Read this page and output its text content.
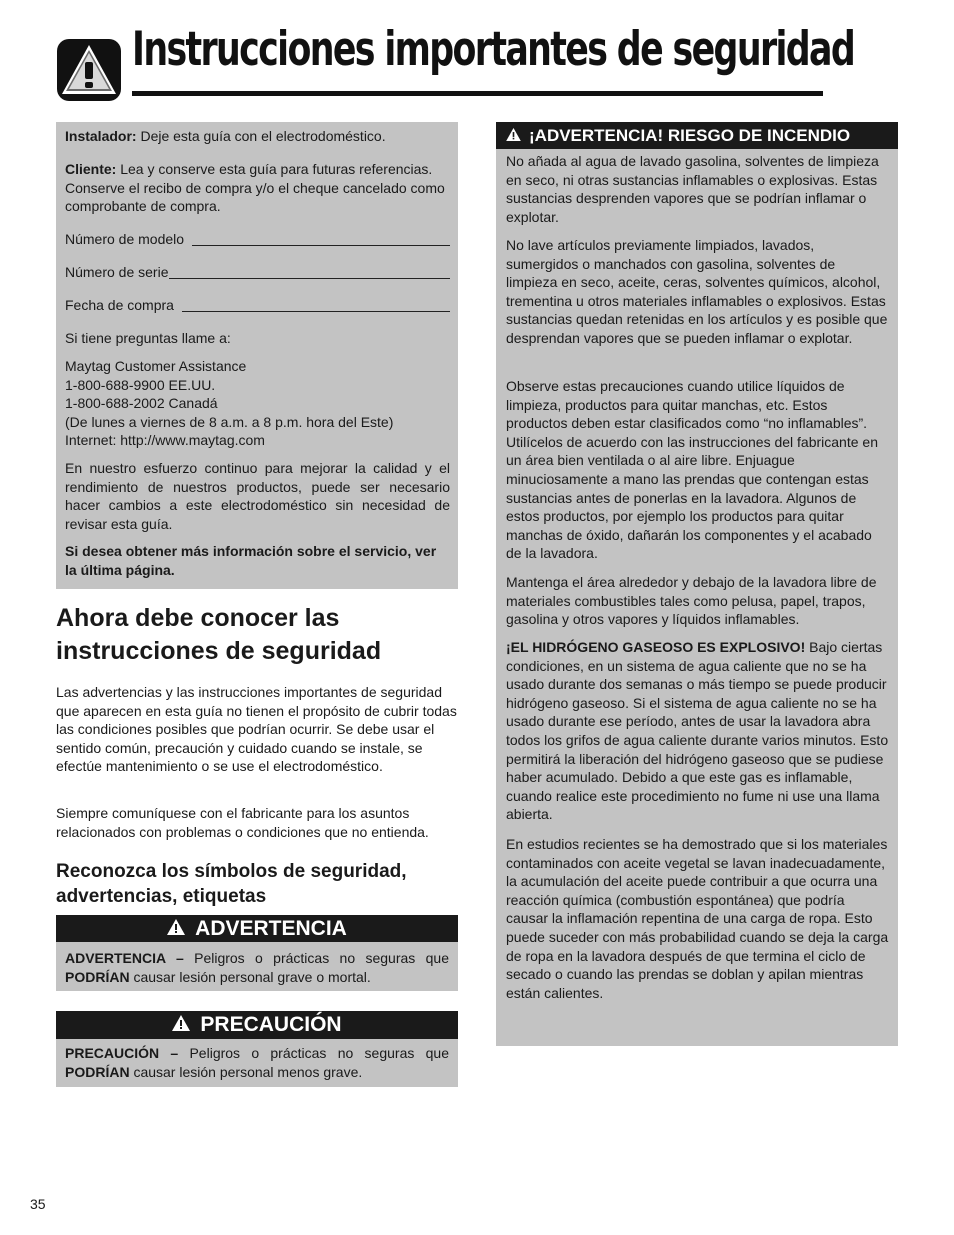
Instrucciones importantes de seguridad
Instalador: Deje esta guía con el electrodoméstico.
Cliente: Lea y conserve esta guía para futuras referencias. Conserve el recibo de compra y/o el cheque cancelado como comprobante de compra.
Número de modelo
Número de serie
Fecha de compra
Si tiene preguntas llame a:
Maytag Customer Assistance
1-800-688-9900 EE.UU.
1-800-688-2002 Canadá
(De lunes a viernes de 8 a.m. a 8 p.m. hora del Este)
Internet: http://www.maytag.com
En nuestro esfuerzo continuo para mejorar la calidad y el rendimiento de nuestros productos, puede ser necesario hacer cambios a este electrodoméstico sin necesidad de revisar esta guía.
Si desea obtener más información sobre el servicio, ver la última página.
Ahora debe conocer las instrucciones de seguridad
Las advertencias y las instrucciones importantes de seguridad que aparecen en esta guía no tienen el propósito de cubrir todas las condiciones posibles que podrían ocurrir. Se debe usar el sentido común, precaución y cuidado cuando se instale, se efectúe mantenimiento o se use el electrodoméstico.
Siempre comuníquese con el fabricante para los asuntos relacionados con problemas o condiciones que no entienda.
Reconozca los símbolos de seguridad, advertencias, etiquetas
ADVERTENCIA
ADVERTENCIA – Peligros o prácticas no seguras que PODRÍAN causar lesión personal grave o mortal.
PRECAUCIÓN
PRECAUCIÓN – Peligros o prácticas no seguras que PODRÍAN causar lesión personal menos grave.
¡ADVERTENCIA! RIESGO DE INCENDIO
No añada al agua de lavado gasolina, solventes de limpieza en seco, ni otras sustancias inflamables o explosivas. Estas sustancias desprenden vapores que se podrían inflamar o explotar.
No lave artículos previamente limpiados, lavados, sumergidos o manchados con gasolina, solventes de limpieza en seco, aceite, ceras, solventes químicos, alcohol, trementina u otros materiales inflamables o explosivos. Estas sustancias quedan retenidas en los artículos y es posible que desprendan vapores que se pueden inflamar o explotar.
Observe estas precauciones cuando utilice líquidos de limpieza, productos para quitar manchas, etc. Estos productos deben estar clasificados como “no inflamables”. Utilícelos de acuerdo con las instrucciones del fabricante en un área bien ventilada o al aire libre. Enjuague minuciosamente a mano las prendas que contengan estas sustancias antes de ponerlas en la lavadora. Algunos de estos productos, por ejemplo los productos para quitar manchas de óxido, dañarán los componentes y el acabado de la lavadora.
Mantenga el área alrededor y debajo de la lavadora libre de materiales combustibles tales como pelusa, papel, trapos, gasolina y otros vapores y líquidos inflamables.
¡EL HIDRÓGENO GASEOSO ES EXPLOSIVO! Bajo ciertas condiciones, en un sistema de agua caliente que no se ha usado durante dos semanas o más tiempo se puede producir hidrógeno gaseoso. Si el sistema de agua caliente no se ha usado durante ese período, antes de usar la lavadora abra todos los grifos de agua caliente durante varios minutos. Esto permitirá la liberación del hidrógeno gaseoso que se pudiese haber acumulado. Debido a que este gas es inflamable, cuando realice este procedimiento no fume ni use una llama abierta.
En estudios recientes se ha demostrado que si los materiales contaminados con aceite vegetal se lavan inadecuadamente, la acumulación del aceite puede contribuir a que ocurra una reacción química (combustión espontánea) que podría causar la inflamación repentina de una carga de ropa. Esto puede suceder con más probabilidad cuando se deja la carga de ropa en la lavadora después de que termina el ciclo de secado o cuando las prendas se doblan y apilan mientras están calientes.
35
